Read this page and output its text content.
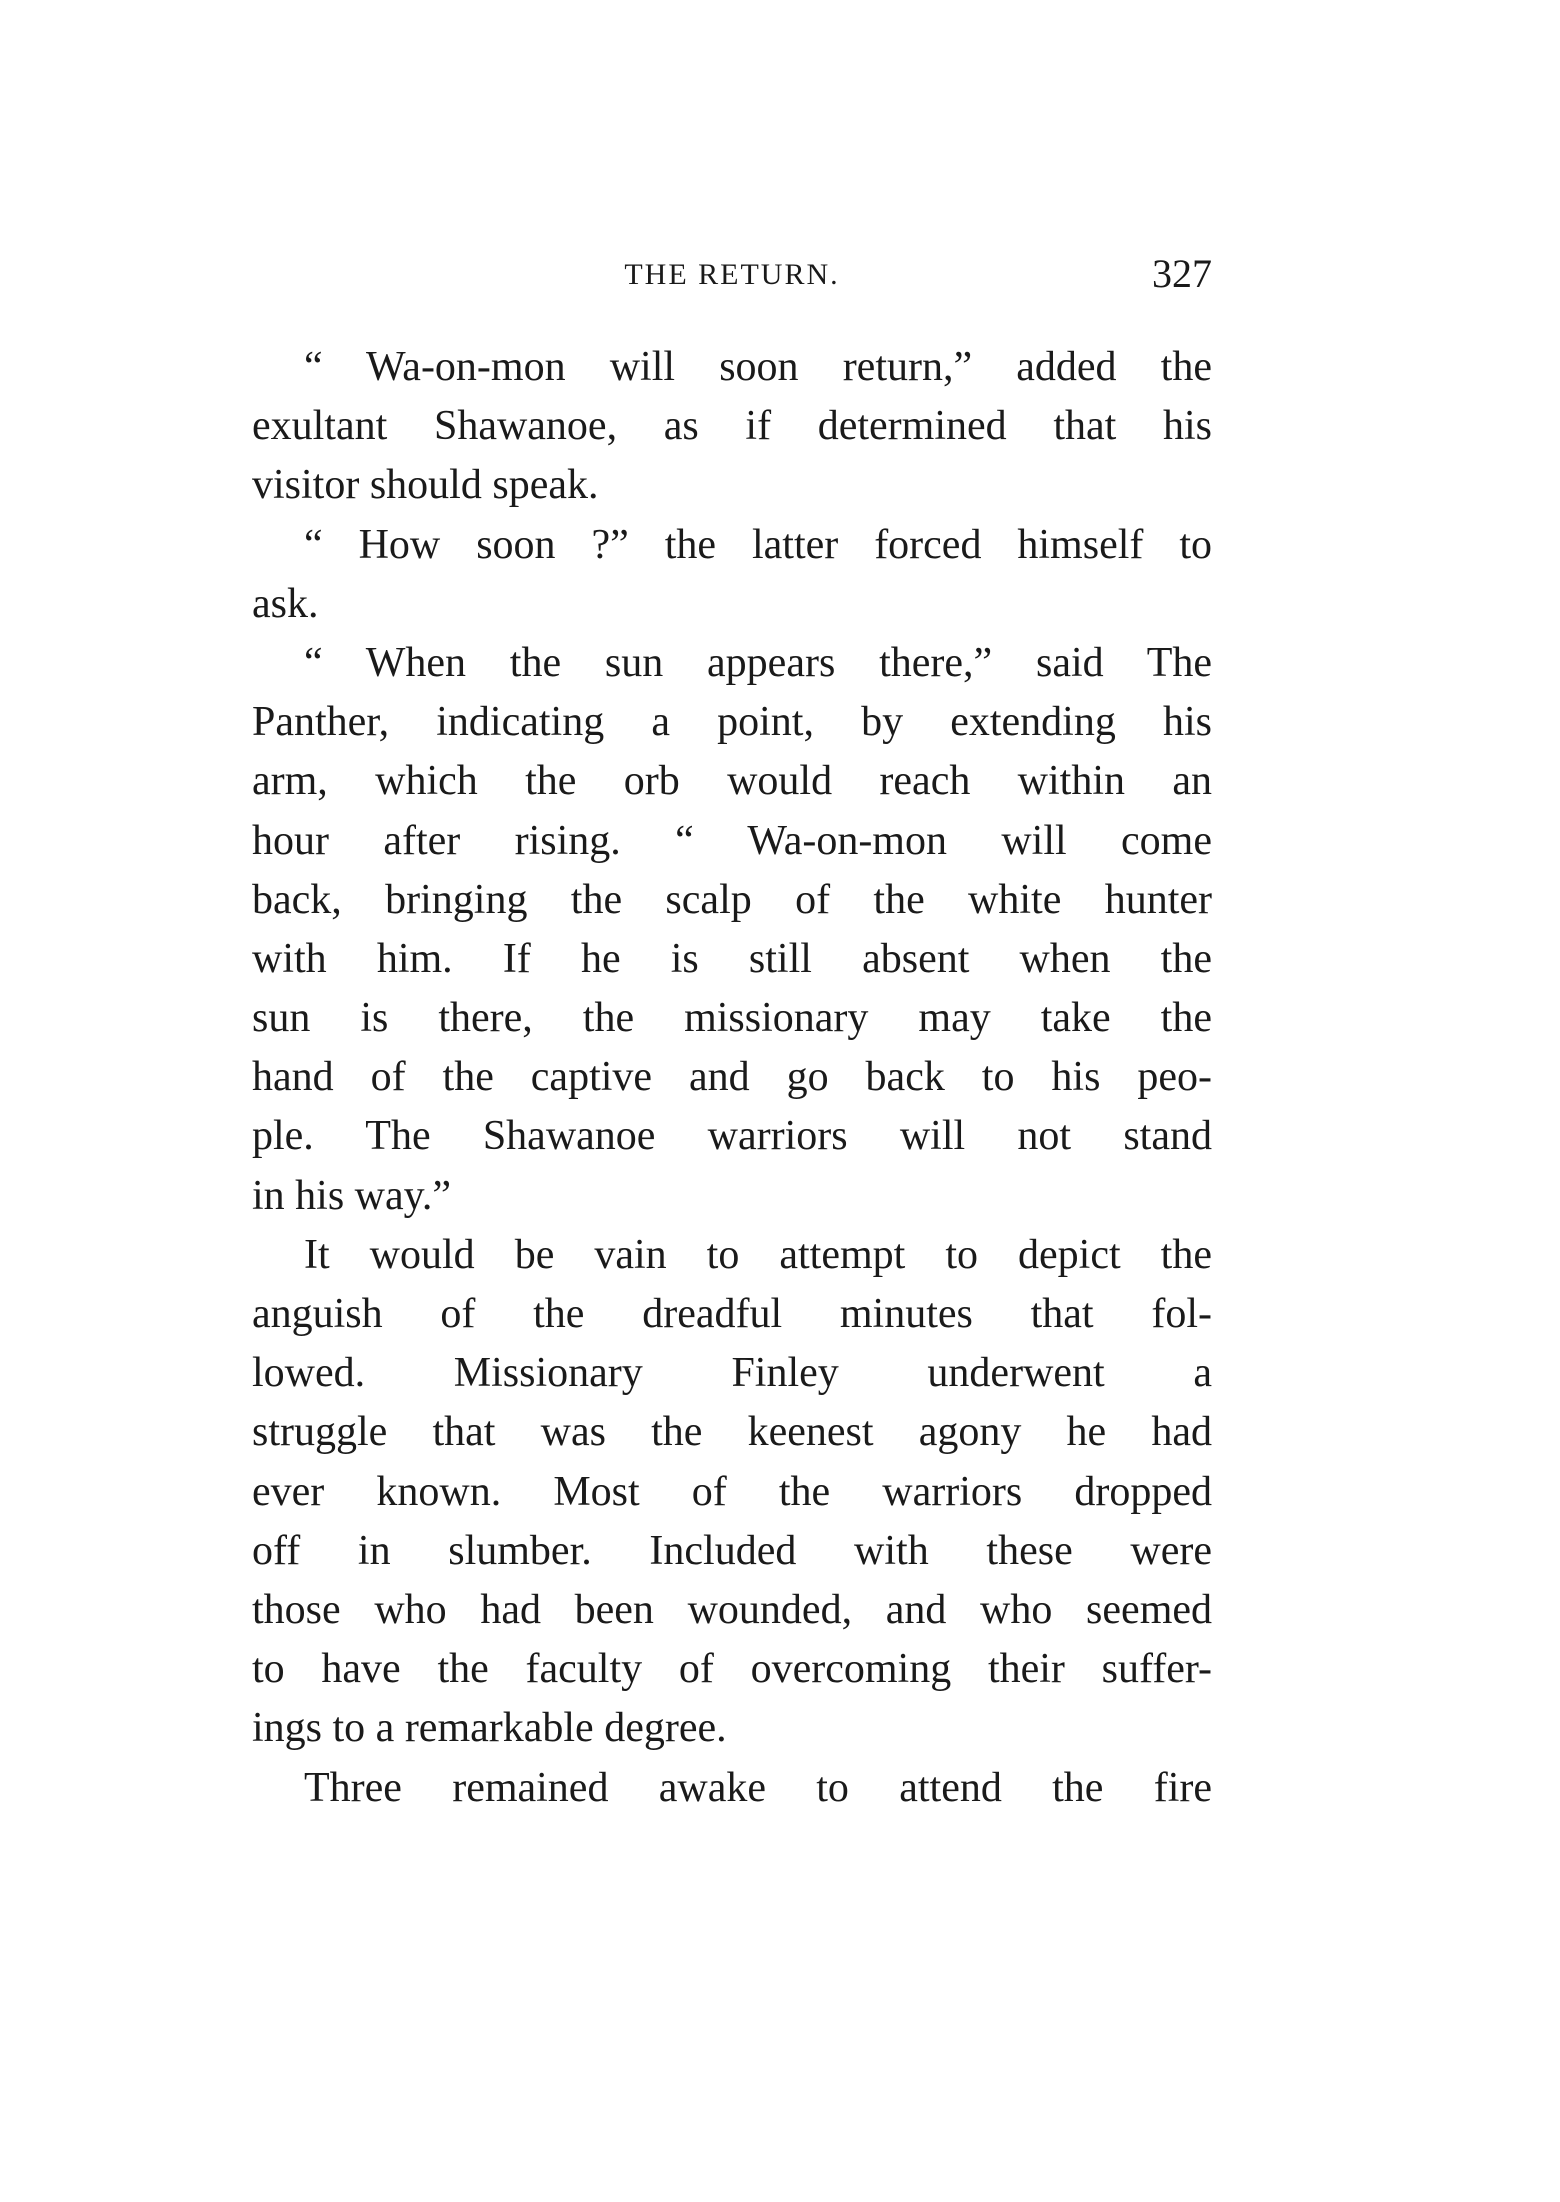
THE RETURN.	327
“ Wa-on-mon will soon return,” added the
exultant Shawanoe, as if determined that his
visitor should speak.
“ How soon ?” the latter forced himself to
ask.
“ When the sun appears there,” said The
Panther, indicating a point, by extending his
arm, which the orb would reach within an
hour after rising. “ Wa-on-mon will come
back, bringing the scalp of the white hunter
with him. If he is still absent when the
sun is there, the missionary may take the
hand of the captive and go back to his peo-
ple. The Shawanoe warriors will not stand
in his way.”
It would be vain to attempt to depict the
anguish of the dreadful minutes that fol-
lowed. Missionary Finley underwent a
struggle that was the keenest agony he had
ever known. Most of the warriors dropped
off in slumber. Included with these were
those who had been wounded, and who seemed
to have the faculty of overcoming their suffer-
ings to a remarkable degree.
Three remained awake to attend the fire
